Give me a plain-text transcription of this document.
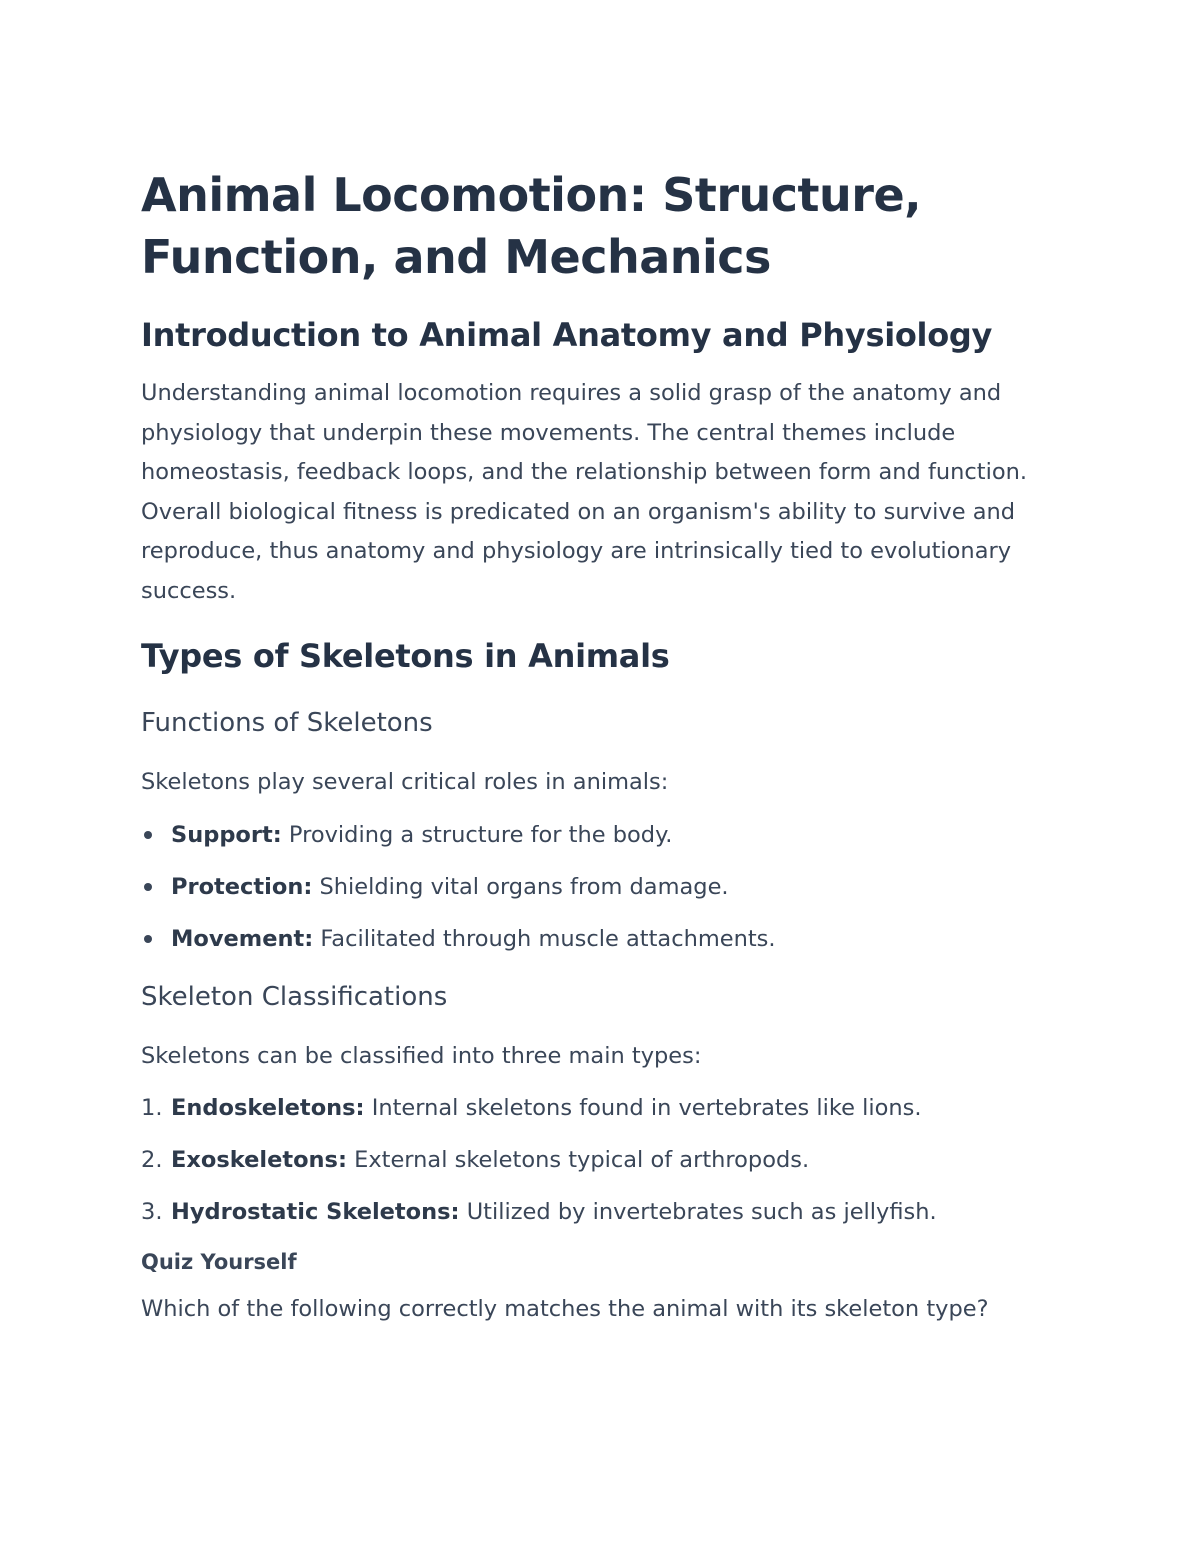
Animal Locomotion: Structure, Function, and Mechanics
Introduction to Animal Anatomy and Physiology

Understanding animal locomotion requires a solid grasp of the anatomy and physiology that underpin these movements. The central themes include homeostasis, feedback loops, and the relationship between form and function. Overall biological fitness is predicated on an organism's ability to survive and reproduce, thus anatomy and physiology are intrinsically tied to evolutionary success.

Types of Skeletons in Animals
Functions of Skeletons

Skeletons play several critical roles in animals:

Support: Providing a structure for the body.
Protection: Shielding vital organs from damage.
Movement: Facilitated through muscle attachments.
Skeleton Classifications

Skeletons can be classified into three main types:

1. Endoskeletons: Internal skeletons found in vertebrates like lions.
2. Exoskeletons: External skeletons typical of arthropods.
3. Hydrostatic Skeletons: Utilized by invertebrates such as jellyfish.
Quiz Yourself

Which of the following correctly matches the animal with its skeleton type?
